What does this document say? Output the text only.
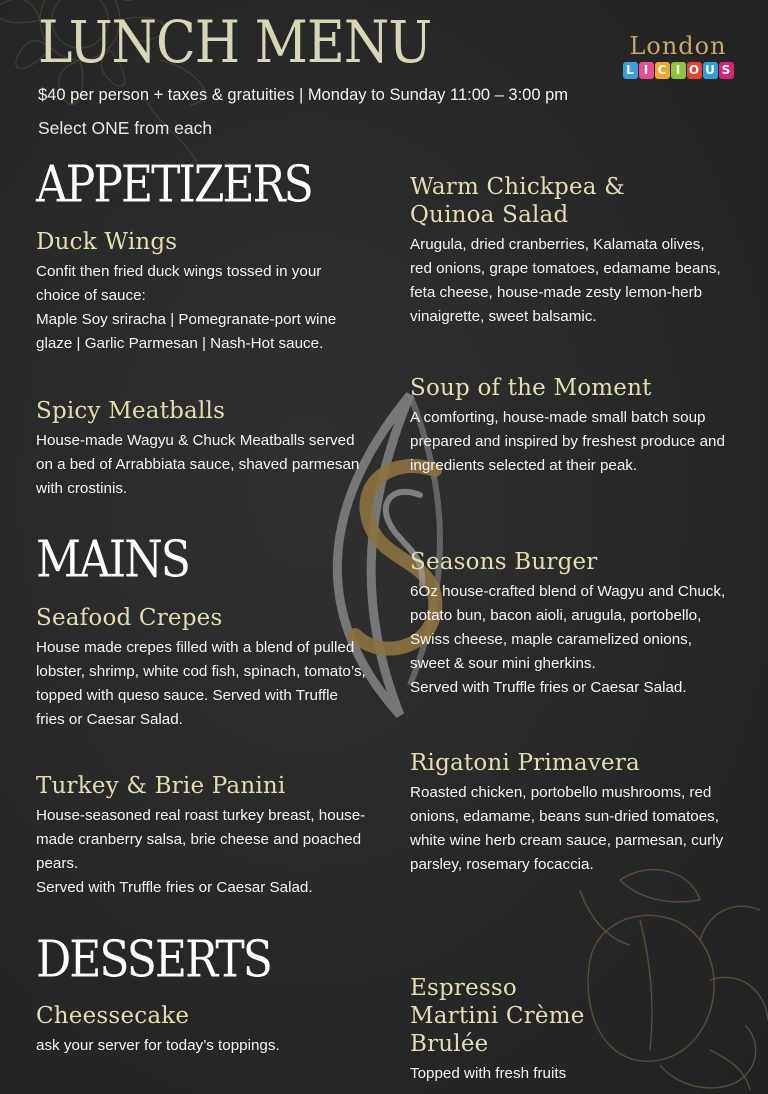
LUNCH MENU
$40 per person + taxes & gratuities | Monday to Sunday 11:00 – 3:00 pm
Select ONE from each
London
L I C I O U S
APPETIZERS
Duck Wings

Confit then fried duck wings tossed in your choice of sauce:
Maple Soy sriracha | Pomegranate-port wine glaze | Garlic Parmesan | Nash-Hot sauce.

Spicy Meatballs

House-made Wagyu & Chuck Meatballs served on a bed of Arrabbiata sauce, shaved parmesan with crostinis.

Warm Chickpea & Quinoa Salad

Arugula, dried cranberries, Kalamata olives, red onions, grape tomatoes, edamame beans, feta cheese, house-made zesty lemon-herb vinaigrette, sweet balsamic.

Soup of the Moment

A comforting, house-made small batch soup prepared and inspired by freshest produce and ingredients selected at their peak.

MAINS
Seafood Crepes

House made crepes filled with a blend of pulled lobster, shrimp, white cod fish, spinach, tomato’s, topped with queso sauce. Served with Truffle fries or Caesar Salad.

Turkey & Brie Panini

House-seasoned real roast turkey breast, house-made cranberry salsa, brie cheese and poached pears.
Served with Truffle fries or Caesar Salad.

Seasons Burger

6Oz house-crafted blend of Wagyu and Chuck, potato bun, bacon aioli, arugula, portobello, Swiss cheese, maple caramelized onions, sweet & sour mini gherkins.
Served with Truffle fries or Caesar Salad.

Rigatoni Primavera

Roasted chicken, portobello mushrooms, red onions, edamame, beans sun-dried tomatoes, white wine herb cream sauce, parmesan, curly parsley, rosemary focaccia.

DESSERTS
Cheessecake

ask your server for today’s toppings.

Espresso Martini Crème Brulée

Topped with fresh fruits
